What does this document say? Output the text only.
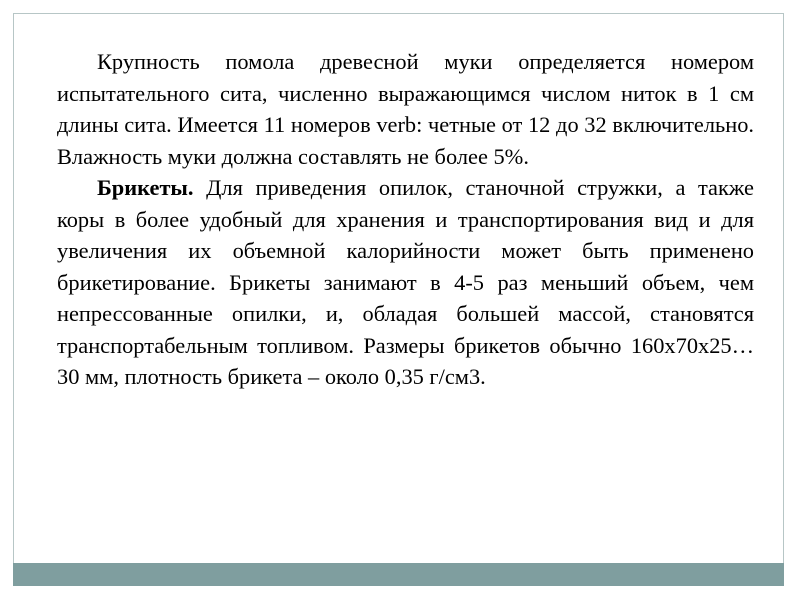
Крупность помола древесной муки определяется номером испытательного сита, численно выражающимся числом ниток в 1 см длины сита. Имеется 11 номеров verb: четные от 12 до 32 включительно. Влажность муки должна составлять не более 5%.

Брикеты. Для приведения опилок, станочной стружки, а также коры в более удобный для хранения и транспортирования вид и для увеличения их объемной калорийности может быть применено брикетирование. Брикеты занимают в 4-5 раз меньший объем, чем непрессованные опилки, и, обладая большей массой, становятся транспортабельным топливом. Размеры брикетов обычно 160х70х25…30 мм, плотность брикета – около 0,35 г/см3.
